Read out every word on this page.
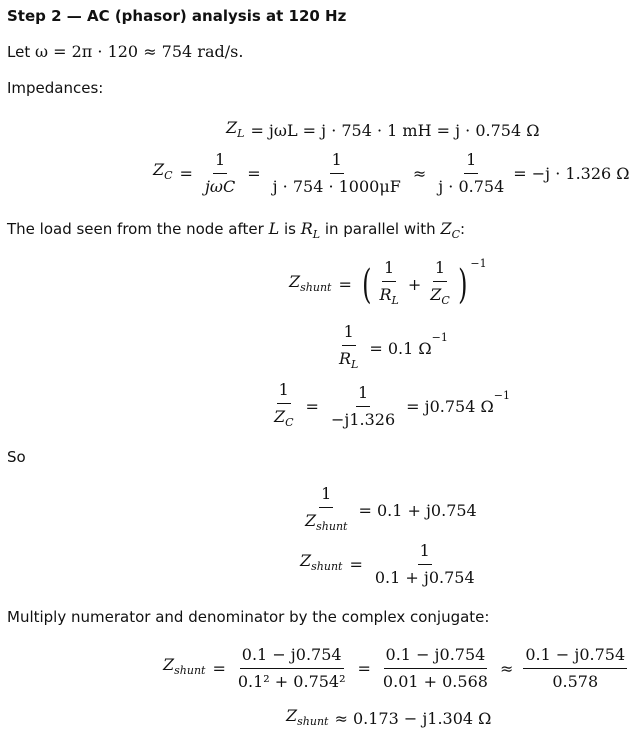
Step 2 — AC (phasor) analysis at 120 Hz
Let ω = 2π · 120 ≈ 754 rad/s.
Impedances:
$Z_L = j\omega L = j \cdot 754 \cdot 1$ mH = j · 0.754 Ω
$Z_C = \frac{1}{\text{jωC}} = \frac{1}{j \cdot 754 \cdot 1000\mu F} \approx \frac{1}{j \cdot 0.754} = -j \cdot 1.326$ Ω
The load seen from the node after L is $R_L$ in parallel with $Z_C$:
$Z_{shunt}$ = ( $\frac{1}{R_L} + \frac{1}{Z_C}$ ) $^{-1}$
$\frac{1}{R_L} = 0.1$ Ω
$^{-1}$
$\frac{1}{Z_C} = \frac{1}{-j1.326} = j0.754$ Ω
$^{-1}$
So
$\frac{1}{Z_{shunt}} = 0.1 + j0.754$
$Z_{shunt} = \frac{1}{0.1 + j0.754}$
Multiply numerator and denominator by the complex conjugate:
$Z_{shunt} = \frac{0.1 - j0.754}{\text{0.1² + 0.754²}} = \frac{0.1 - j0.754}{0.01 + 0.568} \approx \frac{0.1 - j0.754}{0.578}$
$Z_{shunt} \approx 0.173 - j1.304$ Ω
